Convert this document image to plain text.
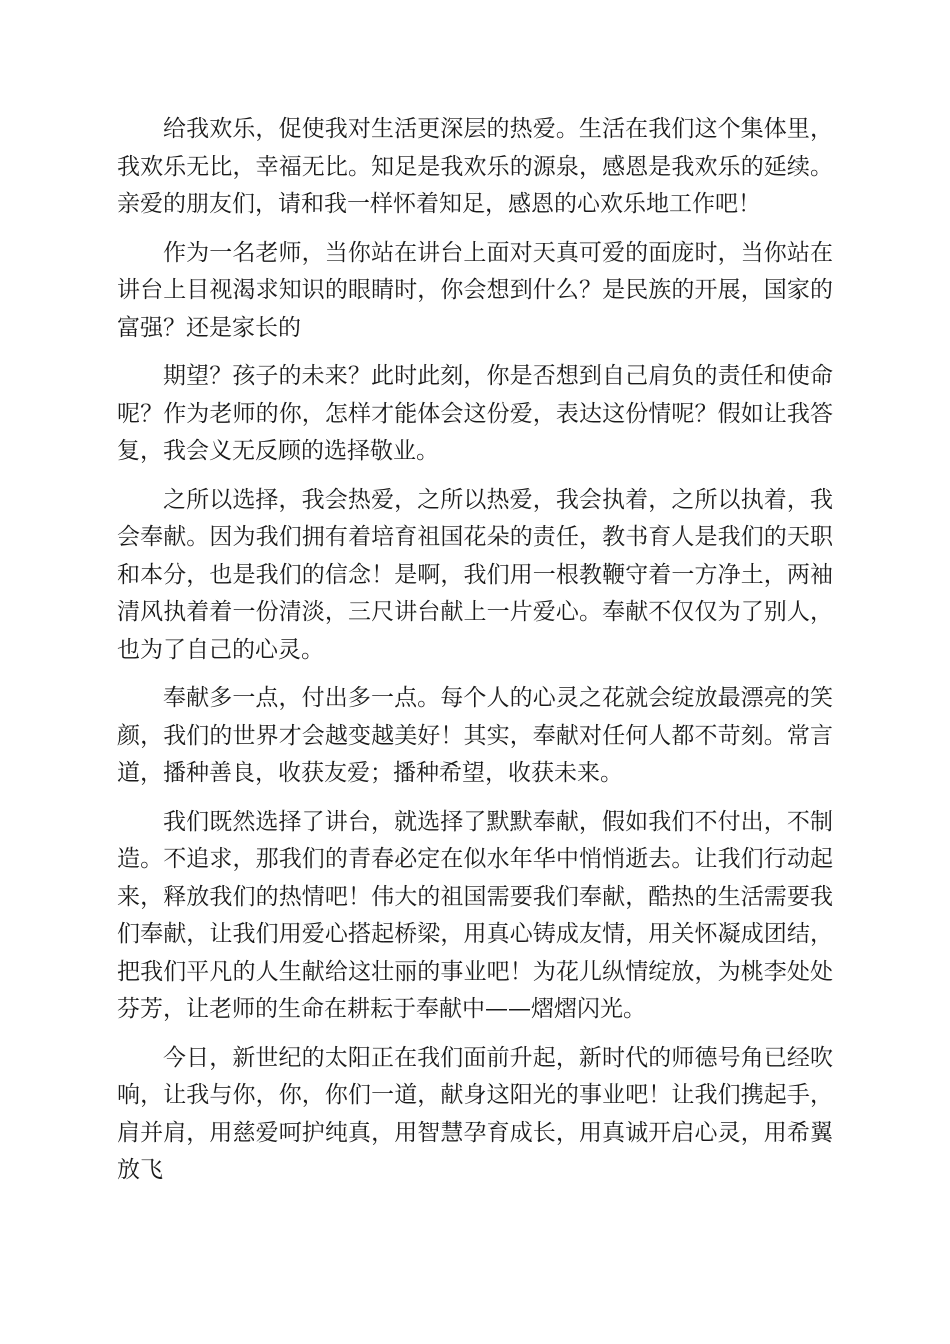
给我欢乐，促使我对生活更深层的热爱。生活在我们这个集体里，我欢乐无比，幸福无比。知足是我欢乐的源泉，感恩是我欢乐的延续。亲爱的朋友们，请和我一样怀着知足，感恩的心欢乐地工作吧！

作为一名老师，当你站在讲台上面对天真可爱的面庞时，当你站在讲台上目视渴求知识的眼睛时，你会想到什么？是民族的开展，国家的富强？还是家长的

期望？孩子的未来？此时此刻，你是否想到自己肩负的责任和使命呢？作为老师的你，怎样才能体会这份爱，表达这份情呢？假如让我答复，我会义无反顾的选择敬业。

之所以选择，我会热爱，之所以热爱，我会执着，之所以执着，我会奉献。因为我们拥有着培育祖国花朵的责任，教书育人是我们的天职和本分，也是我们的信念！是啊，我们用一根教鞭守着一方净土，两袖清风执着着一份清淡，三尺讲台献上一片爱心。奉献不仅仅为了别人，也为了自己的心灵。

奉献多一点，付出多一点。每个人的心灵之花就会绽放最漂亮的笑颜，我们的世界才会越变越美好！其实，奉献对任何人都不苛刻。常言道，播种善良，收获友爱；播种希望，收获未来。

我们既然选择了讲台，就选择了默默奉献，假如我们不付出，不制造。不追求，那我们的青春必定在似水年华中悄悄逝去。让我们行动起来，释放我们的热情吧！伟大的祖国需要我们奉献，酷热的生活需要我们奉献，让我们用爱心搭起桥梁，用真心铸成友情，用关怀凝成团结，把我们平凡的人生献给这壮丽的事业吧！为花儿纵情绽放，为桃李处处芬芳，让老师的生命在耕耘于奉献中——熠熠闪光。

今日，新世纪的太阳正在我们面前升起，新时代的师德号角已经吹响，让我与你，你，你们一道，献身这阳光的事业吧！让我们携起手，肩并肩，用慈爱呵护纯真，用智慧孕育成长，用真诚开启心灵，用希翼放飞
